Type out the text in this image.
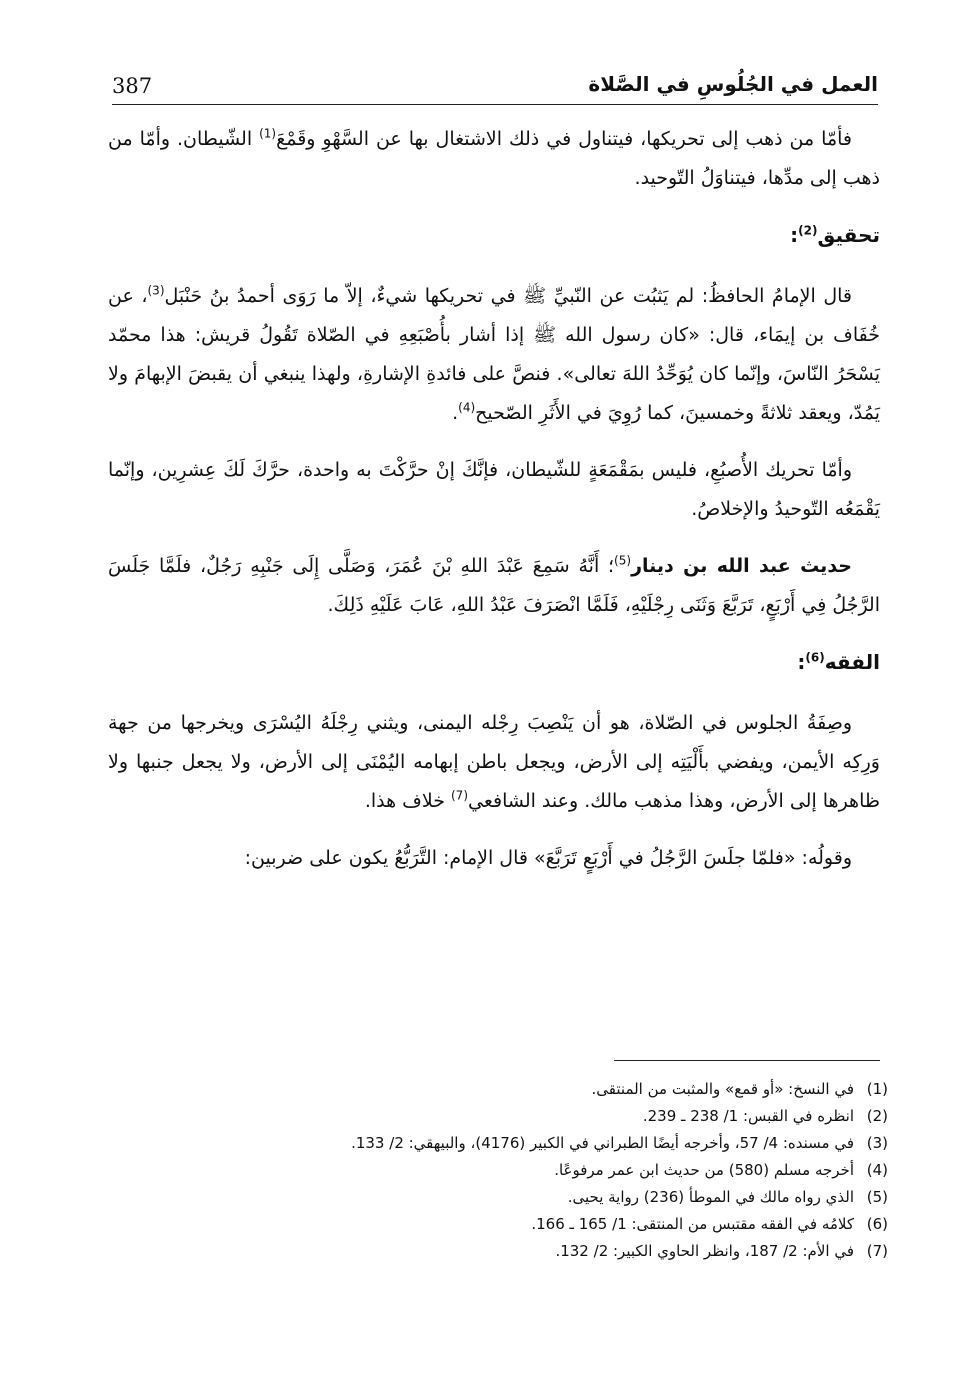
387	العمل في الجُلُوسِ في الصَّلاة

فأمّا من ذهب إلى تحريكها، فيتناول في ذلك الاشتغال بها عن السَّهْوِ وقَمْعَ$^{(1)}$ الشّيطان. وأمّا من ذهب إلى مدِّها، فيتناوَلُ التّوحيد.

تحقيق$^{(2)}$:

قال الإمامُ الحافظُ: لم يَثبُت عن النّبيِّ ﷺ في تحريكها شيءٌ، إلاّ ما رَوَى أحمدُ بنُ حَنْبَل$^{(3)}$، عن خُفَاف بن إيمَاء، قال: «كان رسول الله ﷺ إذا أشار بأُصْبَعِهِ في الصّلاة تَقُولُ قريش: هذا محمّد يَسْحَرُ النّاسَ، وإنّما كان يُوَحِّدُ اللهَ تعالى». فنصَّ على فائدةِ الإشارةِ، ولهذا ينبغي أن يقبضَ الإبهامَ ولا يَمُدّ، ويعقد ثلاثةً وخمسينَ، كما رُوِيَ في الأَثَرِ الصّحيح$^{(4)}$.

وأمّا تحريك الأُصبُعِ، فليس بمَقْمَعَةٍ للشّيطان، فإنَّكَ إنْ حرَّكْتَ به واحدة، حرَّكَ لَكَ عِشرِين، وإنّما يَقْمَعُه التّوحيدُ والإخلاصُ.

حديث عبد الله بن دينار$^{(5)}$؛ أَنَّهُ سَمِعَ عَبْدَ اللهِ بْنَ عُمَرَ، وَصَلَّى إِلَى جَنْبِهِ رَجُلٌ، فلَمَّا جَلَسَ الرَّجُلُ فِي أَرْبَعٍ، تَرَبَّعَ وَثَنَى رِجْلَيْهِ، فَلَمَّا انْصَرَفَ عَبْدُ اللهِ، عَابَ عَلَيْهِ ذَلِكَ.

الفقه$^{(6)}$:

وصِفَةُ الجلوس في الصّلاة، هو أن يَنْصِبَ رِجْله اليمنى، ويثني رِجْلَهُ اليُسْرَى ويخرجها من جهة وَرِكِه الأيمن، ويفضي بأَلْيَتِه إلى الأرض، ويجعل باطن إبهامه اليُمْنَى إلى الأرض، ولا يجعل جنبها ولا ظاهرها إلى الأرض، وهذا مذهب مالك. وعند الشافعي$^{(7)}$ خلاف هذا.

وقولُه: «فلمّا جلَسَ الرَّجُلُ في أَرْبَعٍ تَرَبَّعَ» قال الإمام: التَّرَبُّعُ يكون على ضربين:

(1)في النسخ: «أو قمع» والمثبت من المنتقى.
(2)انظره في القبس: 1/ 238 ـ 239.
(3)في مسنده: 4/ 57، وأخرجه أيضًا الطبراني في الكبير (4176)، والبيهقي: 2/ 133.
(4)أخرجه مسلم (580) من حديث ابن عمر مرفوعًا.
(5)الذي رواه مالك في الموطأ (236) رواية يحيى.
(6)كلامُه في الفقه مقتبس من المنتقى: 1/ 165 ـ 166.
(7)في الأم: 2/ 187، وانظر الحاوي الكبير: 2/ 132.
